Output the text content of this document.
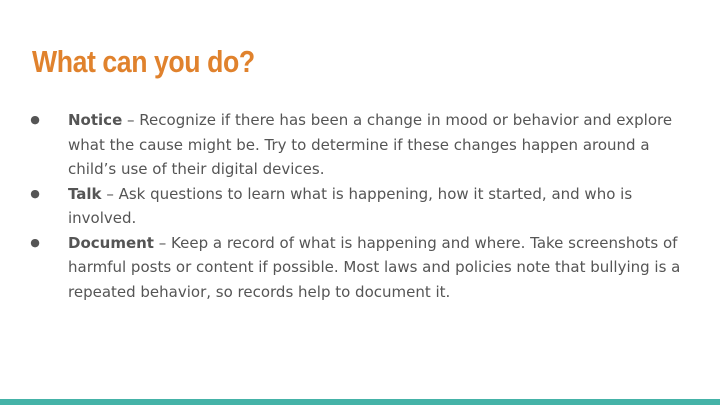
What can you do?
● Notice – Recognize if there has been a change in mood or behavior and explore what the cause might be. Try to determine if these changes happen around a child’s use of their digital devices.
● Talk – Ask questions to learn what is happening, how it started, and who is involved.
● Document – Keep a record of what is happening and where. Take screenshots of harmful posts or content if possible. Most laws and policies note that bullying is a repeated behavior, so records help to document it.
